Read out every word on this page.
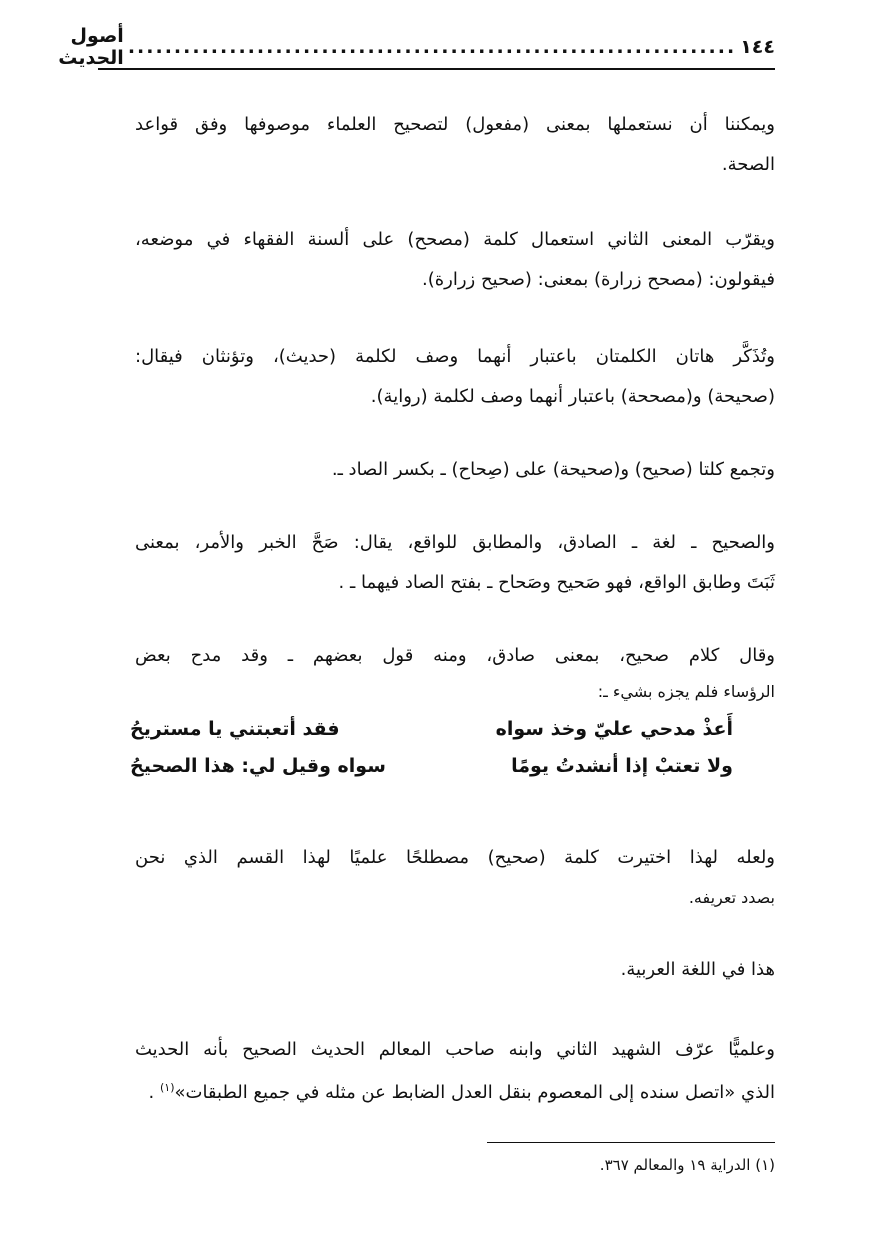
١٤٤
..................................................................
أصول الحديث
ويمكننا أن نستعملها بمعنى (مفعول) لتصحيح العلماء موصوفها وفق قواعد
الصحة.
ويقرّب المعنى الثاني استعمال كلمة (مصحح) على ألسنة الفقهاء في موضعه،
فيقولون: (مصحح زرارة) بمعنى: (صحيح زرارة).
وتُذَكَّر هاتان الكلمتان باعتبار أنهما وصف لكلمة (حديث)، وتؤنثان فيقال:
(صحيحة) و(مصححة) باعتبار أنهما وصف لكلمة (رواية).
وتجمع كلتا (صحيح) و(صحيحة) على (صِحاح) ـ بكسر الصاد ـ.
والصحيح ـ لغة ـ الصادق، والمطابق للواقع، يقال: صَحَّ الخبر والأمر، بمعنى
ثَبَتَ وطابق الواقع، فهو صَحيح وصَحاح ـ بفتح الصاد فيهما ـ .
وقال كلام صحيح، بمعنى صادق، ومنه قول بعضهم ـ وقد مدح بعض
الرؤساء فلم يجزه بشيء ـ:
أَعذْ مدحي عليّ وخذ سواه
فقد أتعبتني يا مستريحُ
ولا تعتبْ إذا أنشدتُ يومًا
سواه وقيل لي: هذا الصحيحُ
ولعله لهذا اختيرت كلمة (صحيح) مصطلحًا علميًا لهذا القسم الذي نحن
بصدد تعريفه.
هذا في اللغة العربية.
وعلميًّا عرّف الشهيد الثاني وابنه صاحب المعالم الحديث الصحيح بأنه الحديث
الذي «اتصل سنده إلى المعصوم بنقل العدل الضابط عن مثله في جميع الطبقات»$^{(١)}$ .
(١) الدراية ١٩ والمعالم ٣٦٧.
